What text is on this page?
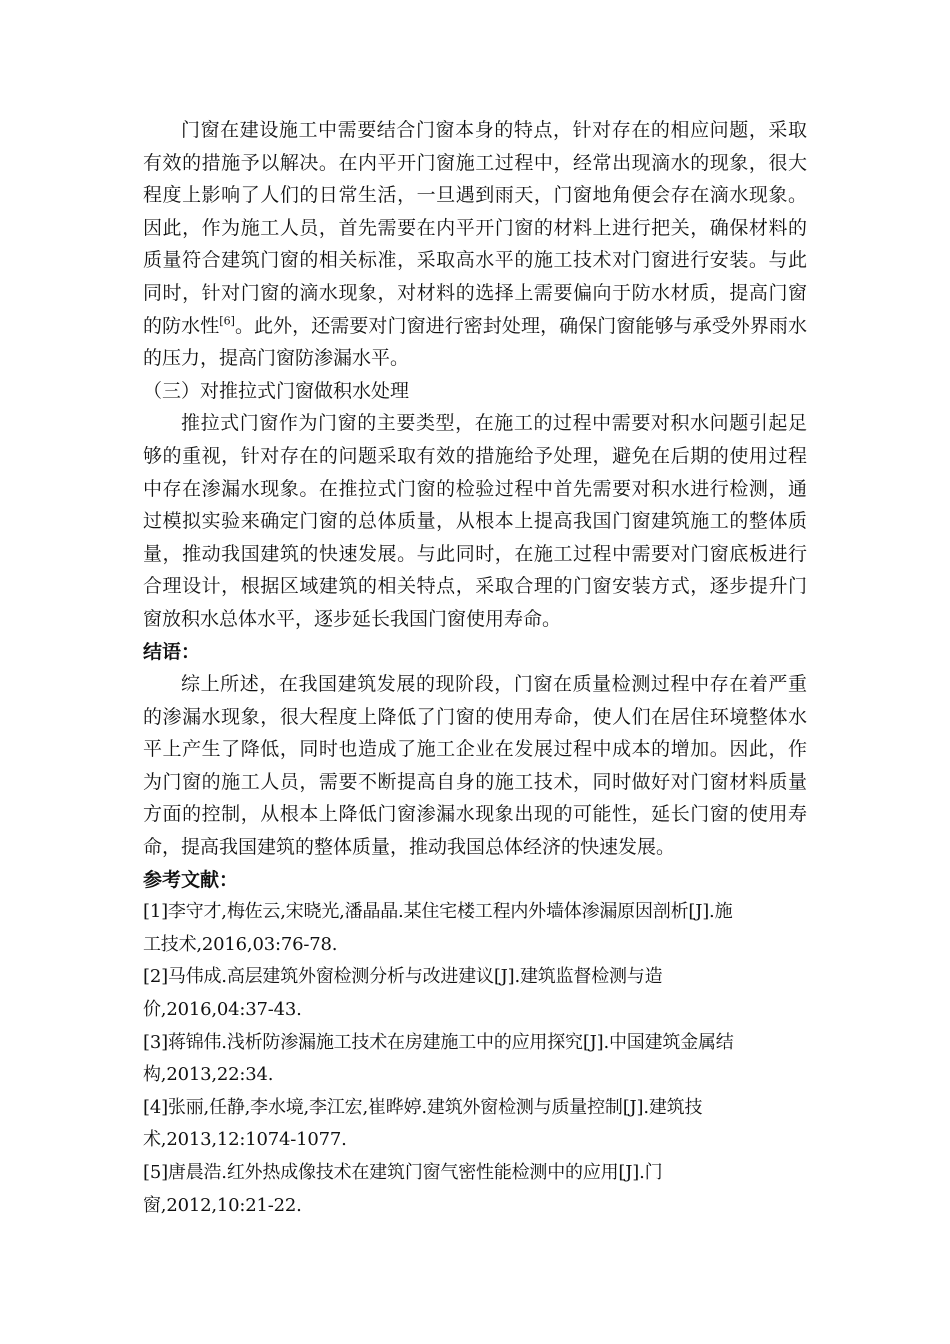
门窗在建设施工中需要结合门窗本身的特点，针对存在的相应问题，采取有效的措施予以解决。在内平开门窗施工过程中，经常出现滴水的现象，很大程度上影响了人们的日常生活，一旦遇到雨天，门窗地角便会存在滴水现象。因此，作为施工人员，首先需要在内平开门窗的材料上进行把关，确保材料的质量符合建筑门窗的相关标准，采取高水平的施工技术对门窗进行安装。与此同时，针对门窗的滴水现象，对材料的选择上需要偏向于防水材质，提高门窗的防水性[6]。此外，还需要对门窗进行密封处理，确保门窗能够与承受外界雨水的压力，提高门窗防渗漏水平。

（三）对推拉式门窗做积水处理

推拉式门窗作为门窗的主要类型，在施工的过程中需要对积水问题引起足够的重视，针对存在的问题采取有效的措施给予处理，避免在后期的使用过程中存在渗漏水现象。在推拉式门窗的检验过程中首先需要对积水进行检测，通过模拟实验来确定门窗的总体质量，从根本上提高我国门窗建筑施工的整体质量，推动我国建筑的快速发展。与此同时，在施工过程中需要对门窗底板进行合理设计，根据区域建筑的相关特点，采取合理的门窗安装方式，逐步提升门窗放积水总体水平，逐步延长我国门窗使用寿命。

结语：

综上所述，在我国建筑发展的现阶段，门窗在质量检测过程中存在着严重的渗漏水现象，很大程度上降低了门窗的使用寿命，使人们在居住环境整体水平上产生了降低，同时也造成了施工企业在发展过程中成本的增加。因此，作为门窗的施工人员，需要不断提高自身的施工技术，同时做好对门窗材料质量方面的控制，从根本上降低门窗渗漏水现象出现的可能性，延长门窗的使用寿命，提高我国建筑的整体质量，推动我国总体经济的快速发展。

参考文献：

[1]李守才,梅佐云,宋晓光,潘晶晶.某住宅楼工程内外墙体渗漏原因剖析[J].施
工技术,2016,03:76-78.
[2]马伟成.高层建筑外窗检测分析与改进建议[J].建筑监督检测与造
价,2016,04:37-43.
[3]蒋锦伟.浅析防渗漏施工技术在房建施工中的应用探究[J].中国建筑金属结
构,2013,22:34.
[4]张丽,任静,李水境,李江宏,崔晔婷.建筑外窗检测与质量控制[J].建筑技
术,2013,12:1074-1077.
[5]唐晨浩.红外热成像技术在建筑门窗气密性能检测中的应用[J].门
窗,2012,10:21-22.
